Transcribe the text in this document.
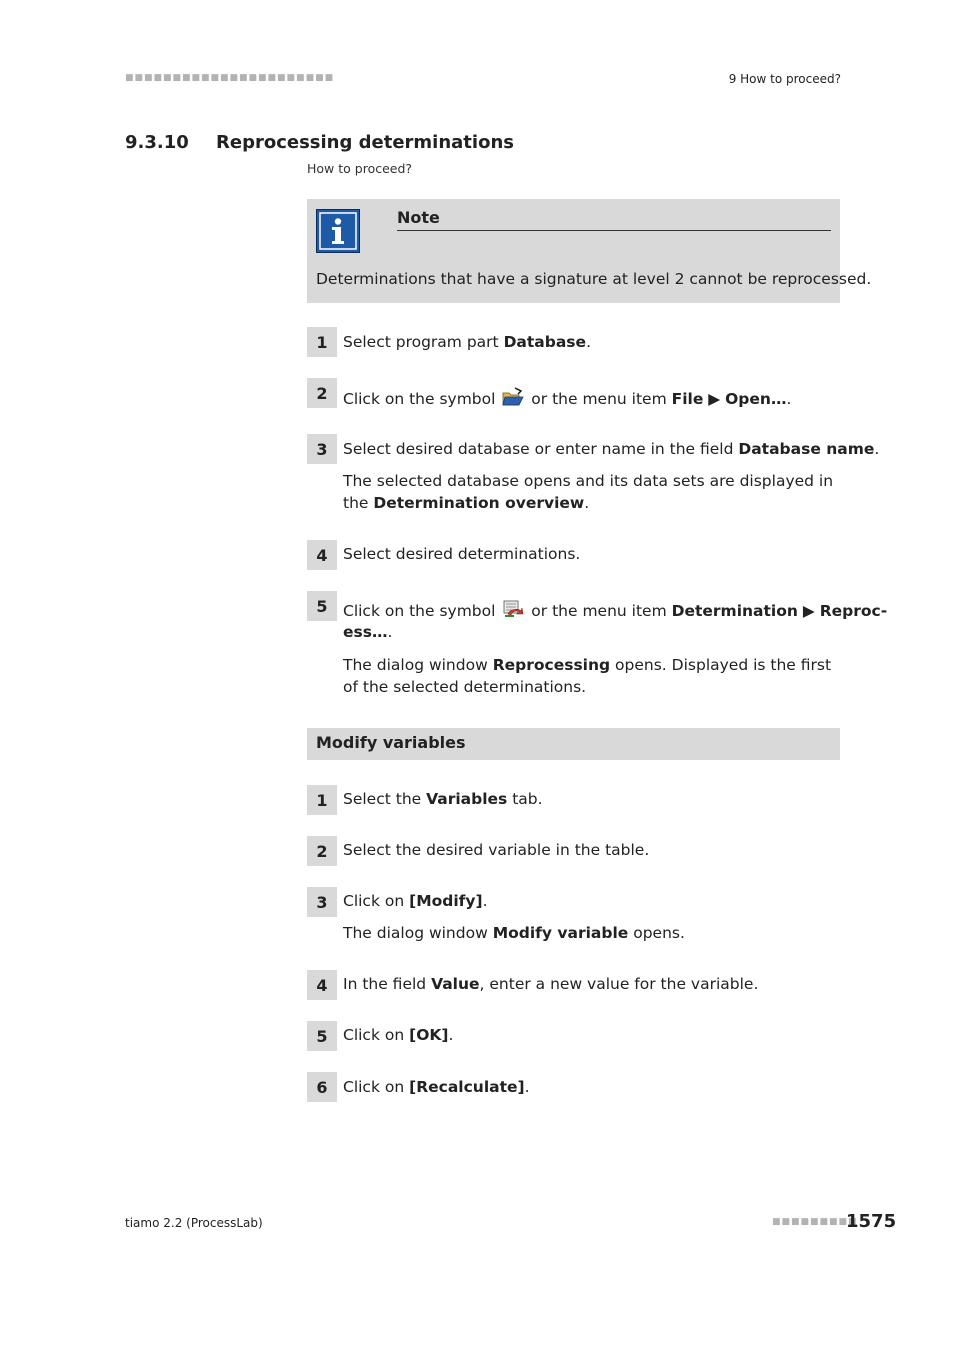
■■■■■■■■■■■■■■■■■■■■■■	9 How to proceed?
9.3.10 Reprocessing determinations
How to proceed?
Note
Determinations that have a signature at level 2 cannot be reprocessed.
1 Select program part Database.
2 Click on the symbol  or the menu item File ▶ Open….
3 Select desired database or enter name in the field Database name.
The selected database opens and its data sets are displayed in the Determination overview.
4 Select desired determinations.
5 Click on the symbol  or the menu item Determination ▶ Reproc-
ess….
The dialog window Reprocessing opens. Displayed is the first of the selected determinations.
Modify variables
1 Select the Variables tab.
2 Select the desired variable in the table.
3 Click on [Modify].
The dialog window Modify variable opens.
4 In the field Value, enter a new value for the variable.
5 Click on [OK].
6 Click on [Recalculate].
tiamo 2.2 (ProcessLab)	■■■■■■■■■
1575
